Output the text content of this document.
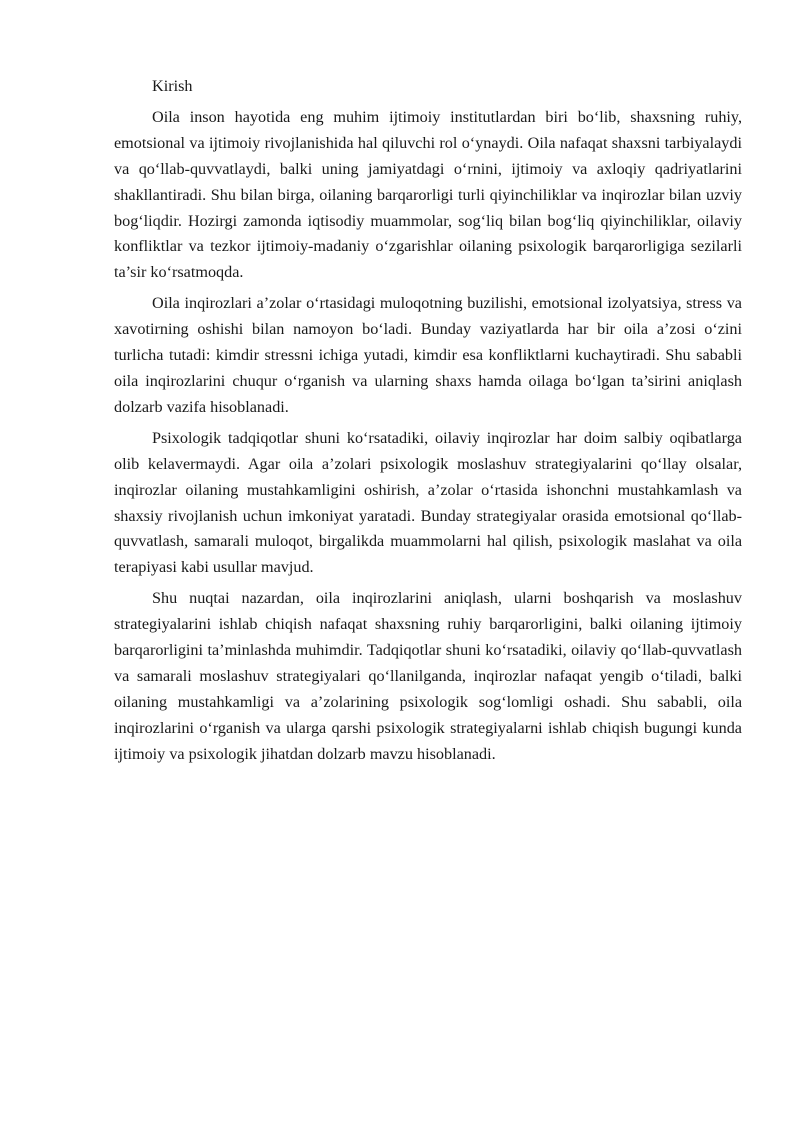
Kirish

Oila inson hayotida eng muhim ijtimoiy institutlardan biri bo‘lib, shaxsning ruhiy, emotsional va ijtimoiy rivojlanishida hal qiluvchi rol o‘ynaydi. Oila nafaqat shaxsni tarbiyalaydi va qo‘llab-quvvatlaydi, balki uning jamiyatdagi o‘rnini, ijtimoiy va axloqiy qadriyatlarini shakllantiradi. Shu bilan birga, oilaning barqarorligi turli qiyinchiliklar va inqirozlar bilan uzviy bog‘liqdir. Hozirgi zamonda iqtisodiy muammolar, sog‘liq bilan bog‘liq qiyinchiliklar, oilaviy konfliktlar va tezkor ijtimoiy-madaniy o‘zgarishlar oilaning psixologik barqarorligiga sezilarli ta’sir ko‘rsatmoqda.

Oila inqirozlari a’zolar o‘rtasidagi muloqotning buzilishi, emotsional izolyatsiya, stress va xavotirning oshishi bilan namoyon bo‘ladi. Bunday vaziyatlarda har bir oila a’zosi o‘zini turlicha tutadi: kimdir stressni ichiga yutadi, kimdir esa konfliktlarni kuchaytiradi. Shu sababli oila inqirozlarini chuqur o‘rganish va ularning shaxs hamda oilaga bo‘lgan ta’sirini aniqlash dolzarb vazifa hisoblanadi.

Psixologik tadqiqotlar shuni ko‘rsatadiki, oilaviy inqirozlar har doim salbiy oqibatlarga olib kelavermaydi. Agar oila a’zolari psixologik moslashuv strategiyalarini qo‘llay olsalar, inqirozlar oilaning mustahkamligini oshirish, a’zolar o‘rtasida ishonchni mustahkamlash va shaxsiy rivojlanish uchun imkoniyat yaratadi. Bunday strategiyalar orasida emotsional qo‘llab-quvvatlash, samarali muloqot, birgalikda muammolarni hal qilish, psixologik maslahat va oila terapiyasi kabi usullar mavjud.

Shu nuqtai nazardan, oila inqirozlarini aniqlash, ularni boshqarish va moslashuv strategiyalarini ishlab chiqish nafaqat shaxsning ruhiy barqarorligini, balki oilaning ijtimoiy barqarorligini ta’minlashda muhimdir. Tadqiqotlar shuni ko‘rsatadiki, oilaviy qo‘llab-quvvatlash va samarali moslashuv strategiyalari qo‘llanilganda, inqirozlar nafaqat yengib o‘tiladi, balki oilaning mustahkamligi va a’zolarining psixologik sog‘lomligi oshadi. Shu sababli, oila inqirozlarini o‘rganish va ularga qarshi psixologik strategiyalarni ishlab chiqish bugungi kunda ijtimoiy va psixologik jihatdan dolzarb mavzu hisoblanadi.
